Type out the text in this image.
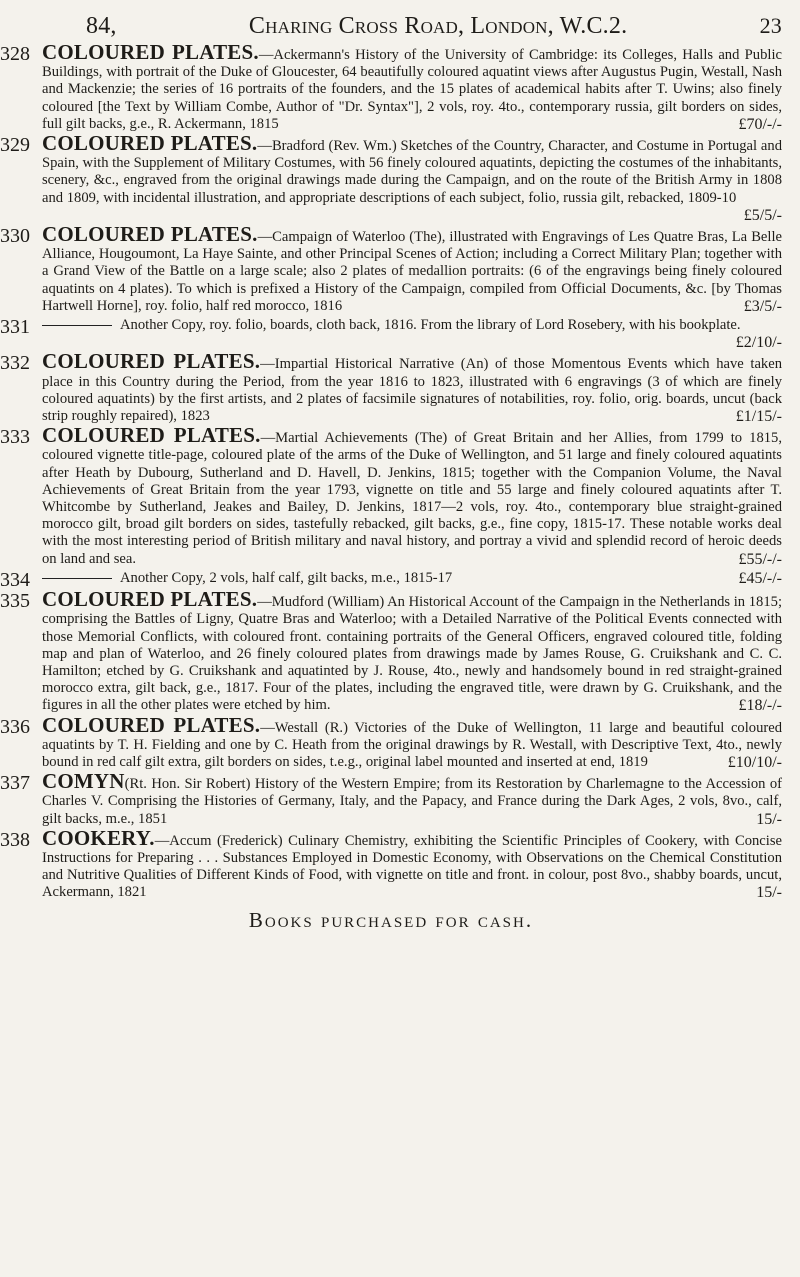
84,	Charing Cross Road, London, W.C.2.	23
328 COLOURED PLATES.—Ackermann's History of the University of Cambridge: its Colleges, Halls and Public Buildings, with portrait of the Duke of Gloucester, 64 beautifully coloured aquatint views after Augustus Pugin, Westall, Nash and Mackenzie; the series of 16 portraits of the founders, and the 15 plates of academical habits after T. Uwins; also finely coloured [the Text by William Combe, Author of "Dr. Syntax"], 2 vols, roy. 4to., contemporary russia, gilt borders on sides, full gilt backs, g.e., R. Ackermann, 1815	£70/-/-
329 COLOURED PLATES.—Bradford (Rev. Wm.) Sketches of the Country, Character, and Costume in Portugal and Spain, with the Supplement of Military Costumes, with 56 finely coloured aquatints, depicting the costumes of the inhabitants, scenery, &c., engraved from the original drawings made during the Campaign, and on the route of the British Army in 1808 and 1809, with incidental illustration, and appropriate descriptions of each subject, folio, russia gilt, rebacked, 1809-10
£5/5/-
330 COLOURED PLATES.—Campaign of Waterloo (The), illustrated with Engravings of Les Quatre Bras, La Belle Alliance, Hougoumont, La Haye Sainte, and other Principal Scenes of Action; including a Correct Military Plan; together with a Grand View of the Battle on a large scale; also 2 plates of medallion portraits: (6 of the engravings being finely coloured aquatints on 4 plates). To which is prefixed a History of the Campaign, compiled from Official Documents, &c. [by Thomas Hartwell Horne], roy. folio, half red morocco, 1816	£3/5/-
331	Another Copy, roy. folio, boards, cloth back, 1816. From the library of Lord Rosebery, with his bookplate.
£2/10/-
332 COLOURED PLATES.—Impartial Historical Narrative (An) of those Momentous Events which have taken place in this Country during the Period, from the year 1816 to 1823, illustrated with 6 engravings (3 of which are finely coloured aquatints) by the first artists, and 2 plates of facsimile signatures of notabilities, roy. folio, orig. boards, uncut (back strip roughly repaired), 1823	£1/15/-
333 COLOURED PLATES.—Martial Achievements (The) of Great Britain and her Allies, from 1799 to 1815, coloured vignette title-page, coloured plate of the arms of the Duke of Wellington, and 51 large and finely coloured aquatints after Heath by Dubourg, Sutherland and D. Havell, D. Jenkins, 1815; together with the Companion Volume, the Naval Achievements of Great Britain from the year 1793, vignette on title and 55 large and finely coloured aquatints after T. Whitcombe by Sutherland, Jeakes and Bailey, D. Jenkins, 1817—2 vols, roy. 4to., contemporary blue straight-grained morocco gilt, broad gilt borders on sides, tastefully rebacked, gilt backs, g.e., fine copy, 1815-17. These notable works deal with the most interesting period of British military and naval history, and portray a vivid and splendid record of heroic deeds on land and sea.	£55/-/-
334	Another Copy, 2 vols, half calf, gilt backs, m.e., 1815-17	£45/-/-
335 COLOURED PLATES.—Mudford (William) An Historical Account of the Campaign in the Netherlands in 1815; comprising the Battles of Ligny, Quatre Bras and Waterloo; with a Detailed Narrative of the Political Events connected with those Memorial Conflicts, with coloured front. containing portraits of the General Officers, engraved coloured title, folding map and plan of Waterloo, and 26 finely coloured plates from drawings made by James Rouse, G. Cruikshank and C. C. Hamilton; etched by G. Cruikshank and aquatinted by J. Rouse, 4to., newly and handsomely bound in red straight-grained morocco extra, gilt back, g.e., 1817. Four of the plates, including the engraved title, were drawn by G. Cruikshank, and the figures in all the other plates were etched by him.	£18/-/-
336 COLOURED PLATES.—Westall (R.) Victories of the Duke of Wellington, 11 large and beautiful coloured aquatints by T. H. Fielding and one by C. Heath from the original drawings by R. Westall, with Descriptive Text, 4to., newly bound in red calf gilt extra, gilt borders on sides, t.e.g., original label mounted and inserted at end, 1819	£10/10/-
337 COMYN(Rt. Hon. Sir Robert) History of the Western Empire; from its Restoration by Charlemagne to the Accession of Charles V. Comprising the Histories of Germany, Italy, and the Papacy, and France during the Dark Ages, 2 vols, 8vo., calf, gilt backs, m.e., 1851	15/-
338 COOKERY.—Accum (Frederick) Culinary Chemistry, exhibiting the Scientific Principles of Cookery, with Concise Instructions for Preparing . . . Substances Employed in Domestic Economy, with Observations on the Chemical Constitution and Nutritive Qualities of Different Kinds of Food, with vignette on title and front. in colour, post 8vo., shabby boards, uncut, Ackermann, 1821	15/-
Books purchased for cash.
